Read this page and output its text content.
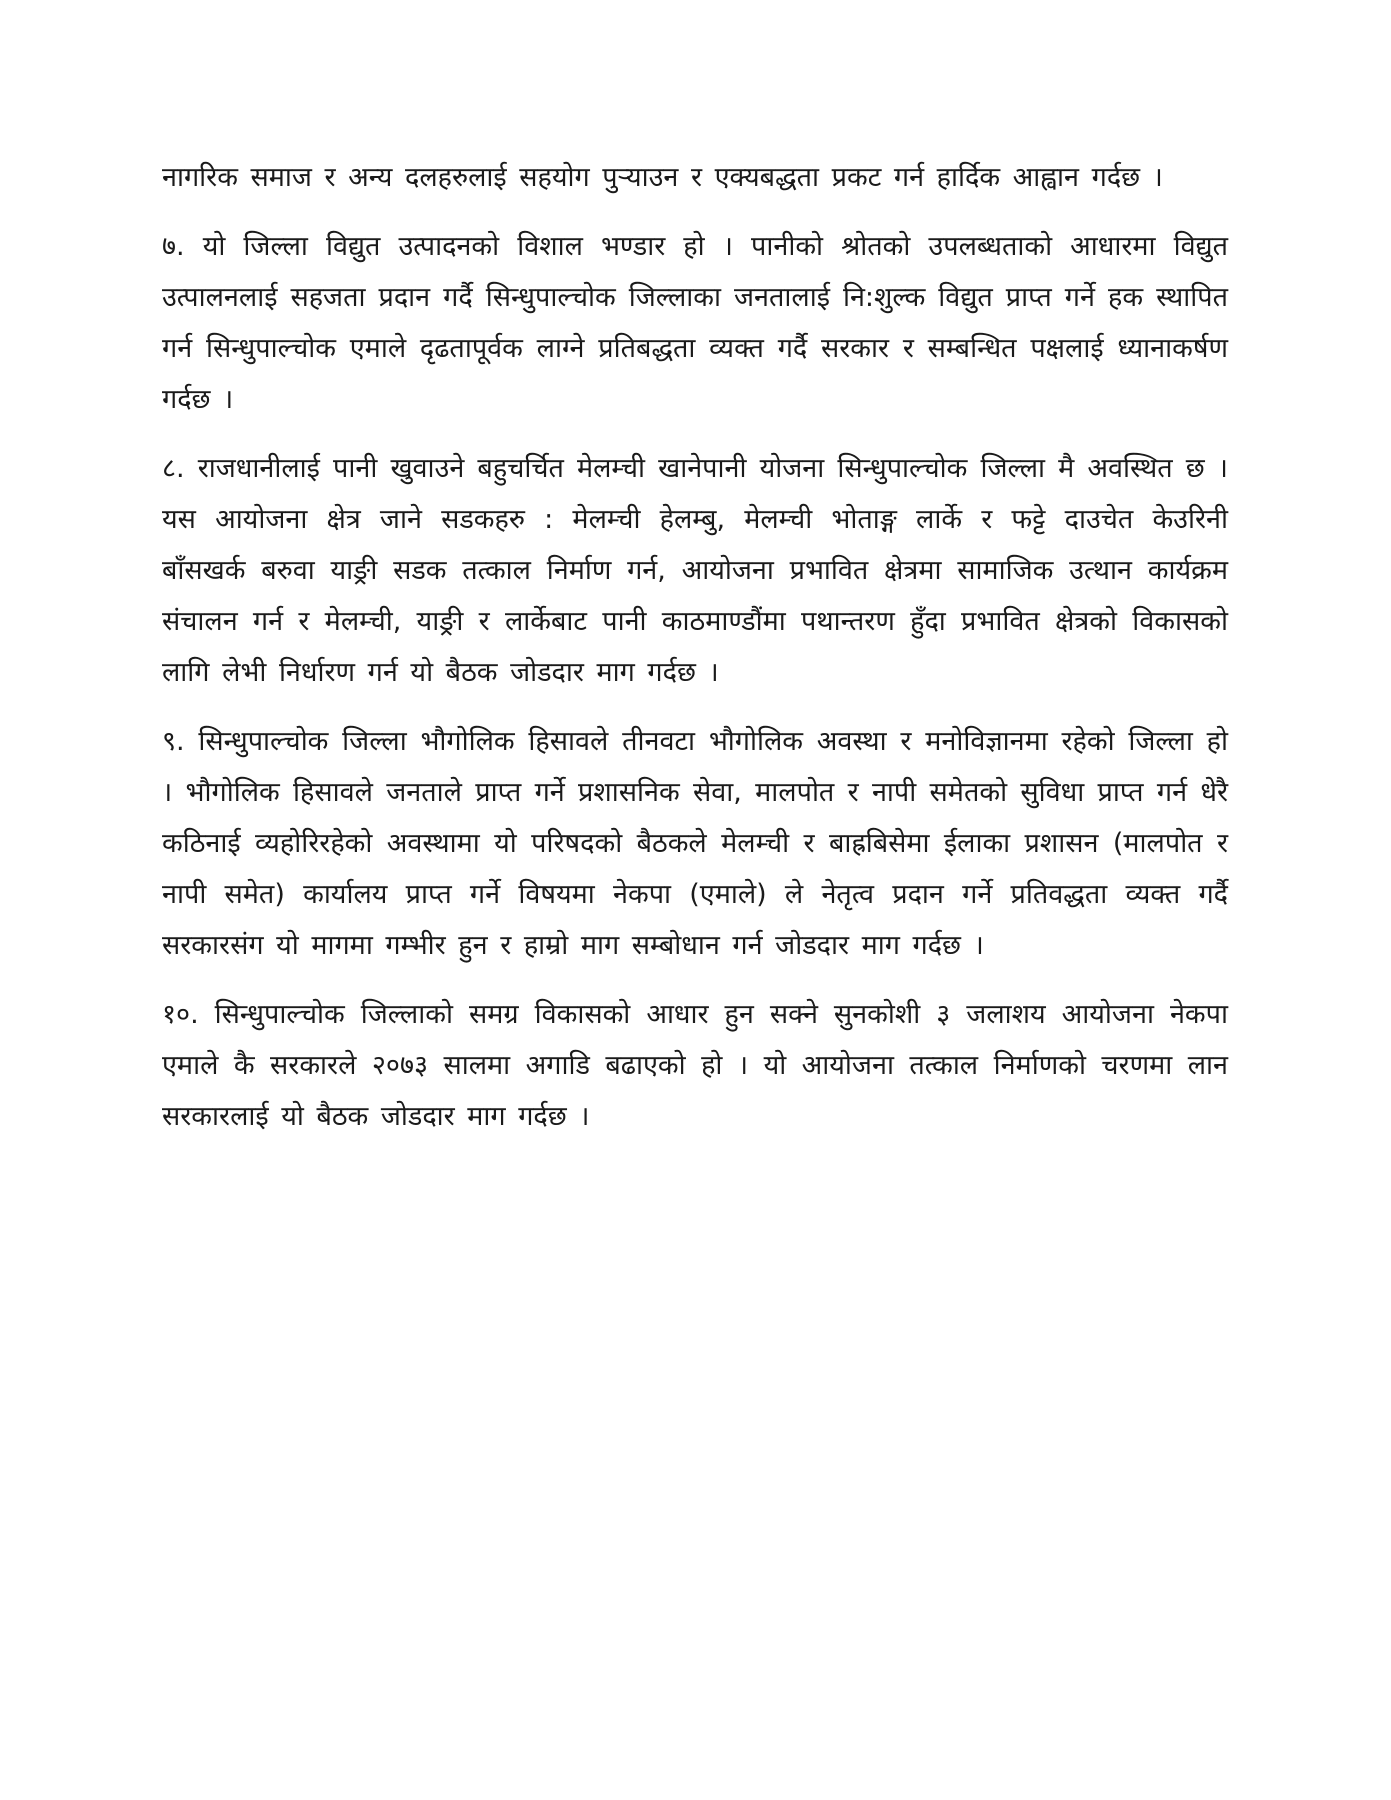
नागरिक समाज र अन्य दलहरुलाई सहयोग पुऱ्याउन र एक्यबद्धता प्रकट गर्न हार्दिक आह्वान गर्दछ ।

७. यो जिल्ला विद्युत उत्पादनको विशाल भण्डार हो । पानीको श्रोतको उपलब्धताको आधारमा विद्युत उत्पालनलाई सहजता प्रदान गर्दै सिन्धुपाल्चोक जिल्लाका जनतालाई नि:शुल्क विद्युत प्राप्त गर्ने हक स्थापित गर्न सिन्धुपाल्चोक एमाले दृढतापूर्वक लाग्ने प्रतिबद्धता व्यक्त गर्दै सरकार र सम्बन्धित पक्षलाई ध्यानाकर्षण गर्दछ ।

८. राजधानीलाई पानी खुवाउने बहुचर्चित मेलम्ची खानेपानी योजना सिन्धुपाल्चोक जिल्ला मै अवस्थित छ । यस आयोजना क्षेत्र जाने सडकहरु : मेलम्ची हेलम्बु, मेलम्ची भोताङ्ग लार्के र फट्टे दाउचेत केउरिनी बाँसखर्क बरुवा याङ्री सडक तत्काल निर्माण गर्न, आयोजना प्रभावित क्षेत्रमा सामाजिक उत्थान कार्यक्रम संचालन गर्न र मेलम्ची, याङ्री र लार्केबाट पानी काठमाण्डौंमा पथान्तरण हुँदा प्रभावित क्षेत्रको विकासको लागि लेभी निर्धारण गर्न यो बैठक जोडदार माग गर्दछ ।

९. सिन्धुपाल्चोक जिल्ला भौगोलिक हिसावले तीनवटा भौगोलिक अवस्था र मनोविज्ञानमा रहेको जिल्ला हो । भौगोलिक हिसावले जनताले प्राप्त गर्ने प्रशासनिक सेवा, मालपोत र नापी समेतको सुविधा प्राप्त गर्न धेरै कठिनाई व्यहोरिरहेको अवस्थामा यो परिषदको बैठकले मेलम्ची र बाह्रबिसेमा ईलाका प्रशासन (मालपोत र नापी समेत) कार्यालय प्राप्त गर्ने विषयमा नेकपा (एमाले) ले नेतृत्व प्रदान गर्ने प्रतिवद्धता व्यक्त गर्दै सरकारसंग यो मागमा गम्भीर हुन र हाम्रो माग सम्बोधान गर्न जोडदार माग गर्दछ ।

१०. सिन्धुपाल्चोक जिल्लाको समग्र विकासको आधार हुन सक्ने सुनकोशी ३ जलाशय आयोजना नेकपा एमाले कै सरकारले २०७३ सालमा अगाडि बढाएको हो । यो आयोजना तत्काल निर्माणको चरणमा लान सरकारलाई यो बैठक जोडदार माग गर्दछ ।
